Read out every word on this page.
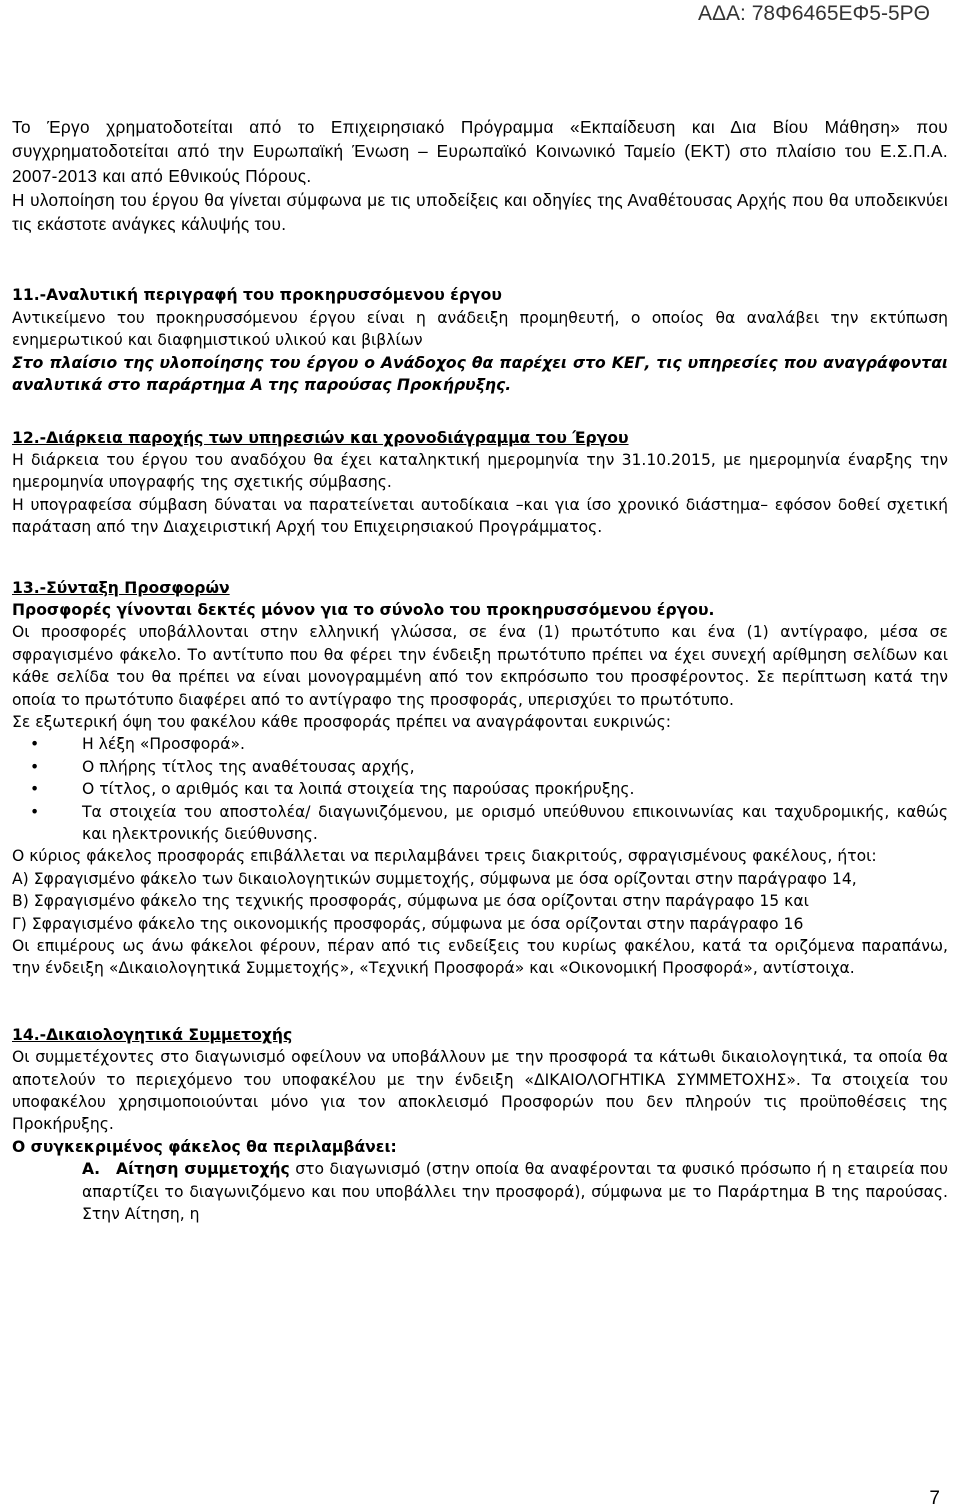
ΑΔΑ: 78Φ6465ΕΦ5-5ΡΘ

Το Έργο χρηματοδοτείται από το Επιχειρησιακό Πρόγραμμα «Εκπαίδευση και Δια Βίου Μάθηση» που συγχρηματοδοτείται από την Ευρωπαϊκή Ένωση – Ευρωπαϊκό Κοινωνικό Ταμείο (ΕΚΤ) στο πλαίσιο του Ε.Σ.Π.Α. 2007-2013 και από Εθνικούς Πόρους.

Η υλοποίηση του έργου θα γίνεται σύμφωνα με τις υποδείξεις και οδηγίες της Αναθέτουσας Αρχής που θα υποδεικνύει τις εκάστοτε ανάγκες κάλυψής του.

11.-Αναλυτική περιγραφή του προκηρυσσόμενου έργου

Αντικείμενο του προκηρυσσόμενου έργου είναι η ανάδειξη προμηθευτή, ο οποίος θα αναλάβει την εκτύπωση ενημερωτικού και διαφημιστικού υλικού και βιβλίων

Στο πλαίσιο της υλοποίησης του έργου ο Ανάδοχος θα παρέχει στο ΚΕΓ, τις υπηρεσίες που αναγράφονται αναλυτικά στο παράρτημα Α της παρούσας Προκήρυξης.

12.-Διάρκεια παροχής των υπηρεσιών και χρονοδιάγραμμα του Έργου

Η διάρκεια του έργου του αναδόχου θα έχει καταληκτική ημερομηνία την 31.10.2015, με ημερομηνία έναρξης την ημερομηνία υπογραφής της σχετικής σύμβασης.

Η υπογραφείσα σύμβαση δύναται να παρατείνεται αυτοδίκαια –και για ίσο χρονικό διάστημα– εφόσον δοθεί σχετική παράταση από την Διαχειριστική Αρχή του Επιχειρησιακού Προγράμματος.

13.-Σύνταξη Προσφορών

Προσφορές γίνονται δεκτές μόνον για το σύνολο του προκηρυσσόμενου έργου.

Οι προσφορές υποβάλλονται στην ελληνική γλώσσα, σε ένα (1) πρωτότυπο και ένα (1) αντίγραφο, μέσα σε σφραγισμένο φάκελο. Το αντίτυπο που θα φέρει την ένδειξη πρωτότυπο πρέπει να έχει συνεχή αρίθμηση σελίδων και κάθε σελίδα του θα πρέπει να είναι μονογραμμένη από τον εκπρόσωπο του προσφέροντος. Σε περίπτωση κατά την οποία το πρωτότυπο διαφέρει από το αντίγραφο της προσφοράς, υπερισχύει το πρωτότυπο.

Σε εξωτερική όψη του φακέλου κάθε προσφοράς πρέπει να αναγράφονται ευκρινώς:

• Η λέξη «Προσφορά».
• Ο πλήρης τίτλος της αναθέτουσας αρχής,
• Ο τίτλος, ο αριθμός και τα λοιπά στοιχεία της παρούσας προκήρυξης.
• Τα στοιχεία του αποστολέα/ διαγωνιζόμενου, με ορισμό υπεύθυνου επικοινωνίας και ταχυδρομικής, καθώς και ηλεκτρονικής διεύθυνσης.

Ο κύριος φάκελος προσφοράς επιβάλλεται να περιλαμβάνει τρεις διακριτούς, σφραγισμένους φακέλους, ήτοι:

Α) Σφραγισμένο φάκελο των δικαιολογητικών συμμετοχής, σύμφωνα με όσα ορίζονται στην παράγραφο 14,

Β) Σφραγισμένο φάκελο της τεχνικής προσφοράς, σύμφωνα με όσα ορίζονται στην παράγραφο 15 και

Γ) Σφραγισμένο φάκελο της οικονομικής προσφοράς, σύμφωνα με όσα ορίζονται στην παράγραφο 16

Οι επιμέρους ως άνω φάκελοι φέρουν, πέραν από τις ενδείξεις του κυρίως φακέλου, κατά τα οριζόμενα παραπάνω, την ένδειξη «Δικαιολογητικά Συμμετοχής», «Τεχνική Προσφορά» και «Οικονομική Προσφορά», αντίστοιχα.

14.-Δικαιολογητικά Συμμετοχής

Οι συμμετέχοντες στο διαγωνισμό οφείλουν να υποβάλλουν με την προσφορά τα κάτωθι δικαιολογητικά, τα οποία θα αποτελούν το περιεχόμενο του υποφακέλου με την ένδειξη «ΔΙΚΑΙΟΛΟΓΗΤΙΚΑ ΣΥΜΜΕΤΟΧΗΣ». Τα στοιχεία του υποφακέλου χρησιμοποιούνται μόνο για τον αποκλεισμό Προσφορών που δεν πληρούν τις προϋποθέσεις της Προκήρυξης.

Ο συγκεκριμένος φάκελος θα περιλαμβάνει:

Α. Αίτηση συμμετοχής στο διαγωνισμό (στην οποία θα αναφέρονται τα φυσικό πρόσωπο ή η εταιρεία που απαρτίζει το διαγωνιζόμενο και που υποβάλλει την προσφορά), σύμφωνα με το Παράρτημα Β της παρούσας. Στην Αίτηση, η

7
